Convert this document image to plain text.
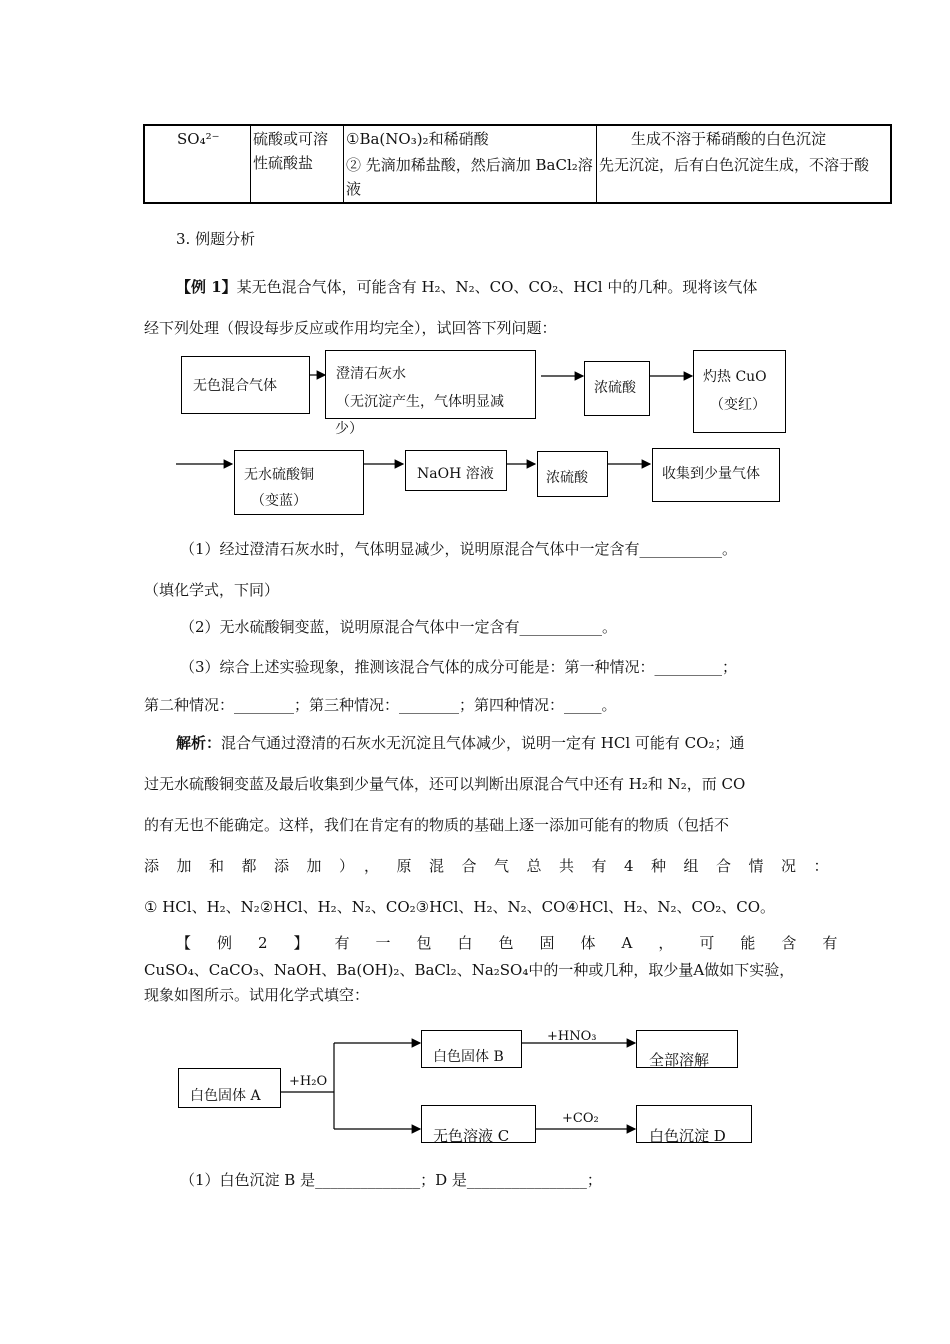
SO₄²⁻	硫酸或可溶性硫酸盐	①Ba(NO₃)₂和稀硝酸	生成不溶于稀硝酸的白色沉淀
		② 先滴加稀盐酸，然后滴加 BaCl₂溶液	先无沉淀，后有白色沉淀生成，不溶于酸
3. 例题分析
【例 1】某无色混合气体，可能含有 H₂、N₂、CO、CO₂、HCl 中的几种。现将该气体
经下列处理（假设每步反应或作用均完全），试回答下列问题：
无色混合气体
澄清石灰水
（无沉淀产生，气体明显减
少）
浓硫酸
灼热 CuO
（变红）
无水硫酸铜
（变蓝）
NaOH 溶液	浓硫酸	收集到少量气体
（1）经过澄清石灰水时，气体明显减少，说明原混合气体中一定含有___________。
（填化学式，下同）
（2）无水硫酸铜变蓝，说明原混合气体中一定含有___________。
（3）综合上述实验现象，推测该混合气体的成分可能是：第一种情况：_________；
第二种情况：________；第三种情况：________；第四种情况：_____。
解析：混合气通过澄清的石灰水无沉淀且气体减少，说明一定有 HCl 可能有 CO₂；通
过无水硫酸铜变蓝及最后收集到少量气体，还可以判断出原混合气中还有 H₂和 N₂，而 CO
的有无也不能确定。这样，我们在肯定有的物质的基础上逐一添加可能有的物质（包括不
添加和都添加），原混合气总共有4种组合情况：
① HCl、H₂、N₂②HCl、H₂、N₂、CO₂③HCl、H₂、N₂、CO④HCl、H₂、N₂、CO₂、CO。
【例2】有一包白色固体A，可能含有
CuSO₄、CaCO₃、NaOH、Ba(OH)₂、BaCl₂、Na₂SO₄中的一种或几种，取少量A做如下实验，
现象如图所示。试用化学式填空：
白色固体 A
+H₂O
白色固体 B
+HNO₃
全部溶解
无色溶液 C
+CO₂
白色沉淀 D
（1）白色沉淀 B 是______________；D 是________________；
